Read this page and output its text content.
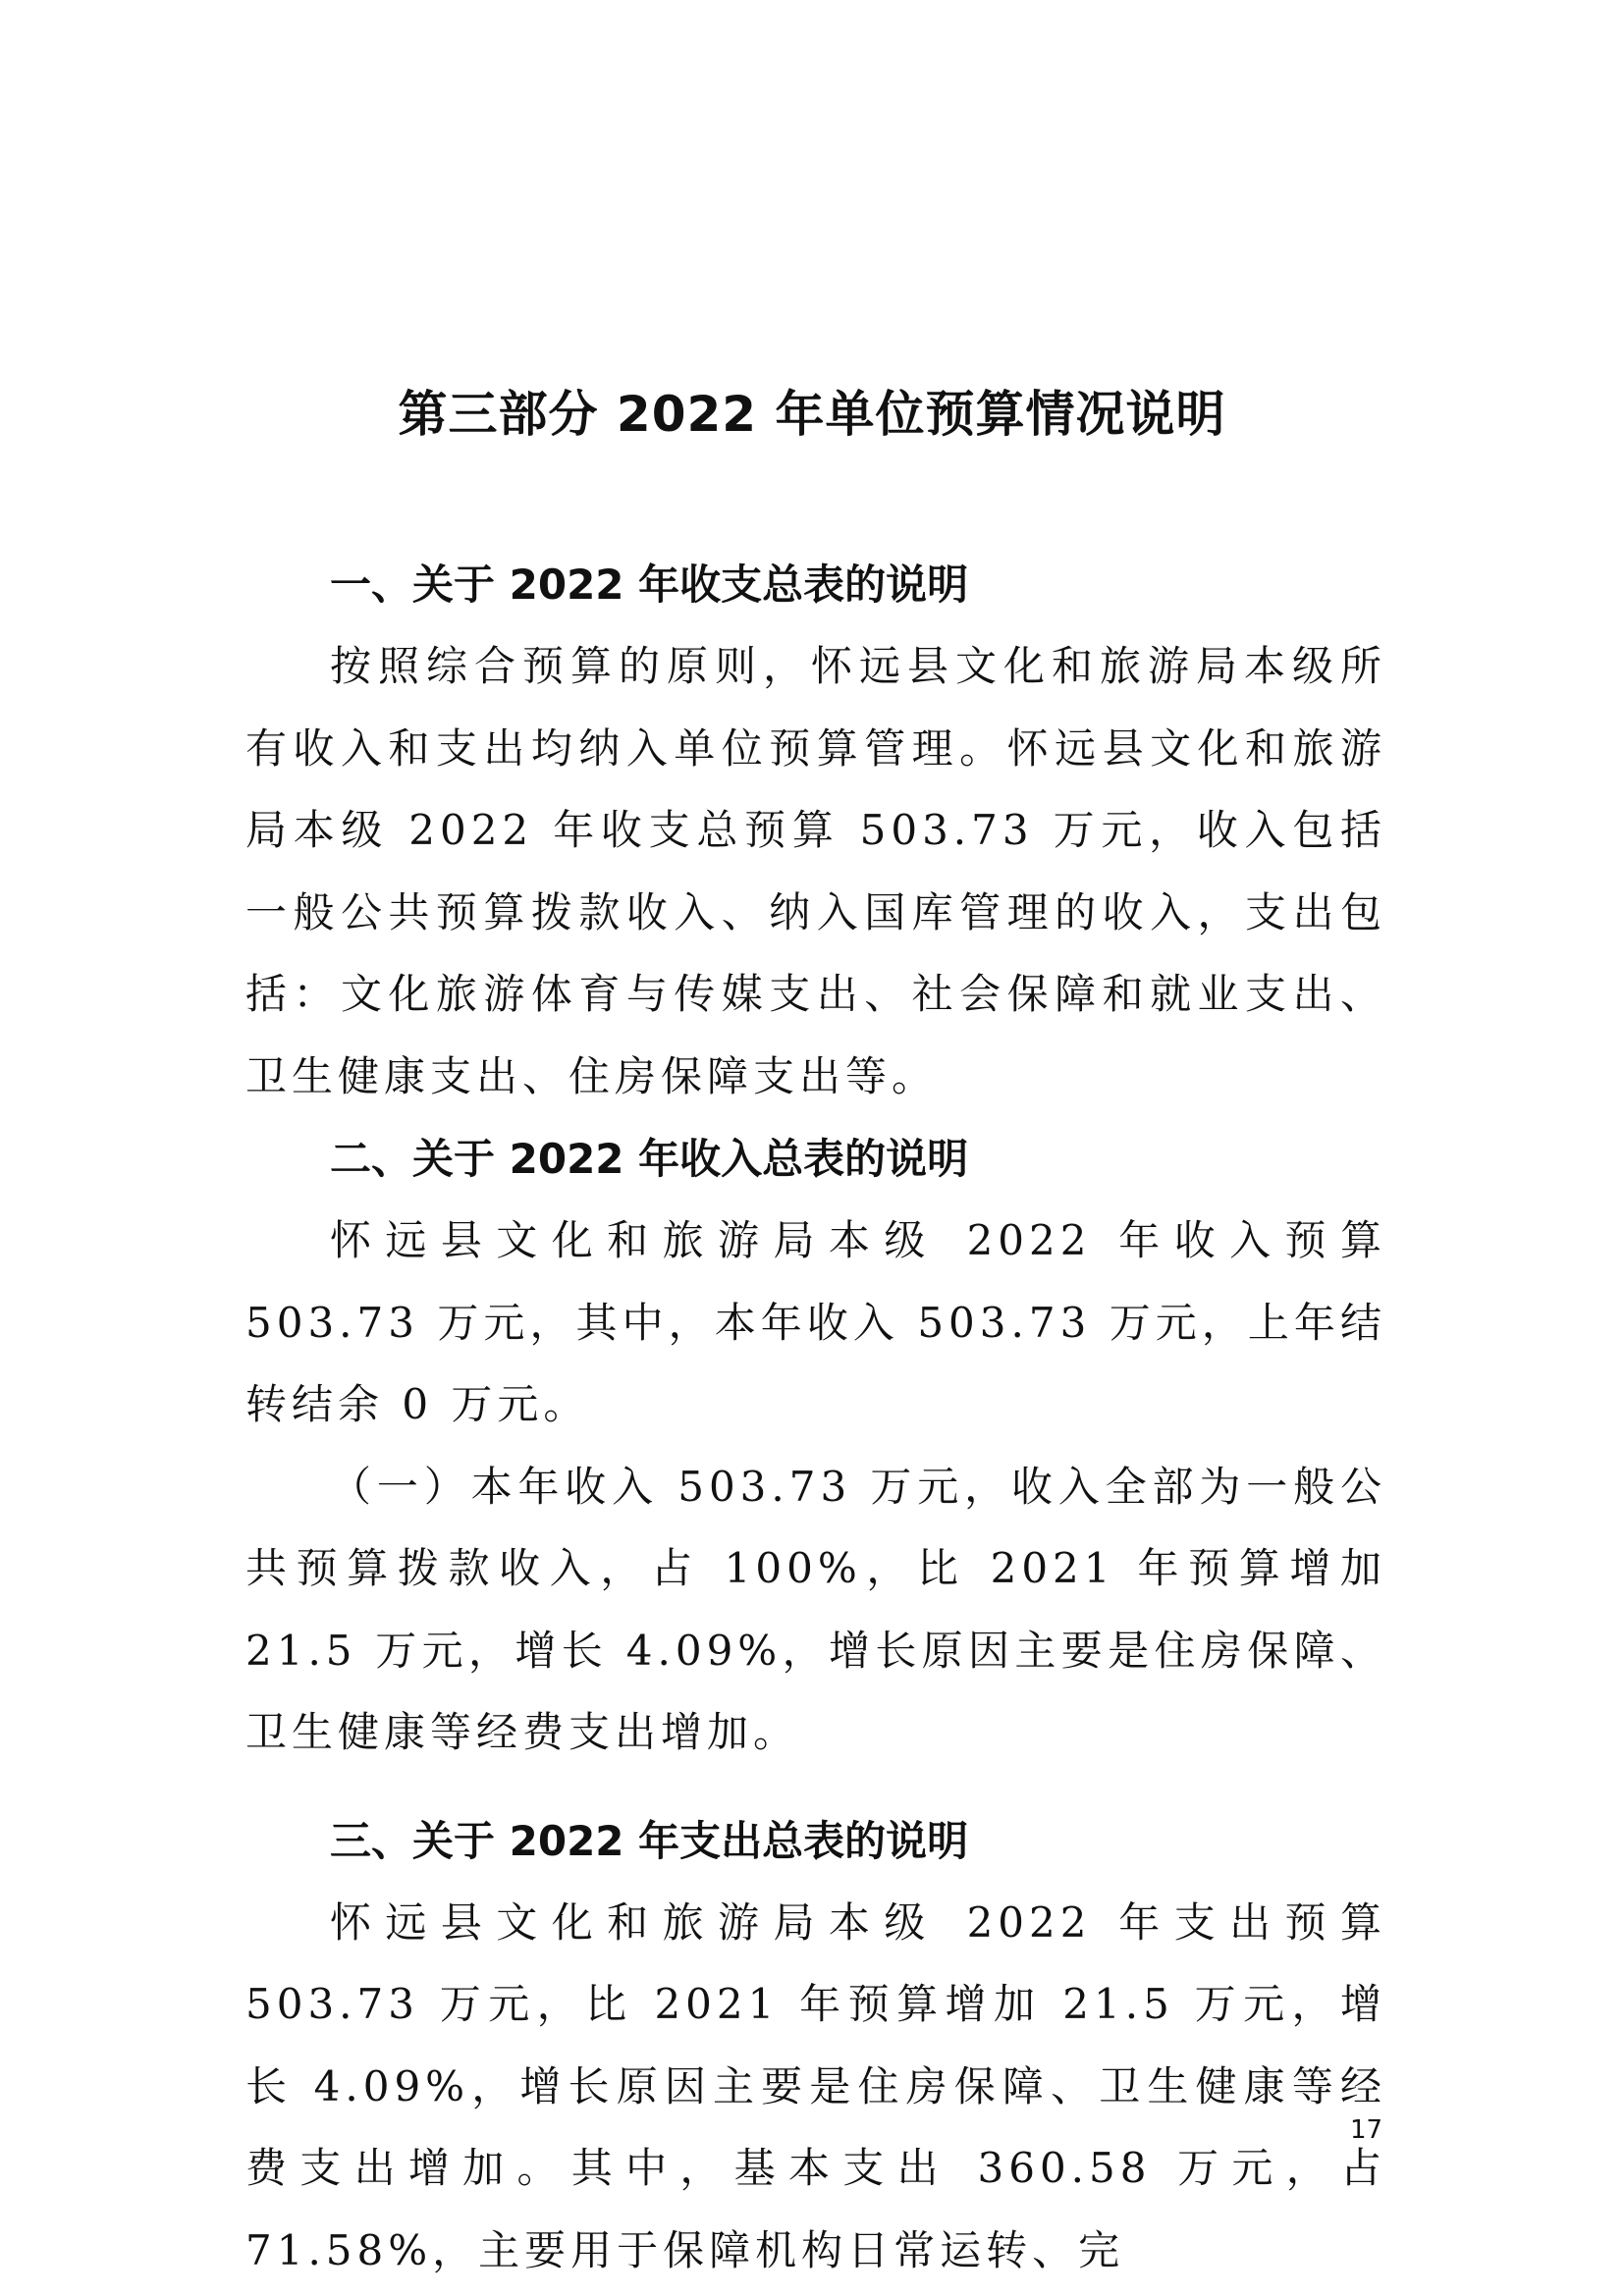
第三部分 2022 年单位预算情况说明
一、关于 2022 年收支总表的说明

按照综合预算的原则，怀远县文化和旅游局本级所有收入和支出均纳入单位预算管理。怀远县文化和旅游局本级 2022 年收支总预算 503.73 万元，收入包括一般公共预算拨款收入、纳入国库管理的收入，支出包括：文化旅游体育与传媒支出、社会保障和就业支出、卫生健康支出、住房保障支出等。

二、关于 2022 年收入总表的说明

怀远县文化和旅游局本级 2022 年收入预算 503.73 万元，其中，本年收入 503.73 万元，上年结转结余 0 万元。

（一）本年收入 503.73 万元，收入全部为一般公共预算拨款收入，占 100%，比 2021 年预算增加 21.5 万元，增长 4.09%，增长原因主要是住房保障、卫生健康等经费支出增加。

三、关于 2022 年支出总表的说明

怀远县文化和旅游局本级 2022 年支出预算 503.73 万元，比 2021 年预算增加 21.5 万元，增长 4.09%，增长原因主要是住房保障、卫生健康等经费支出增加。其中，基本支出 360.58 万元，占 71.58%，主要用于保障机构日常运转、完

17
